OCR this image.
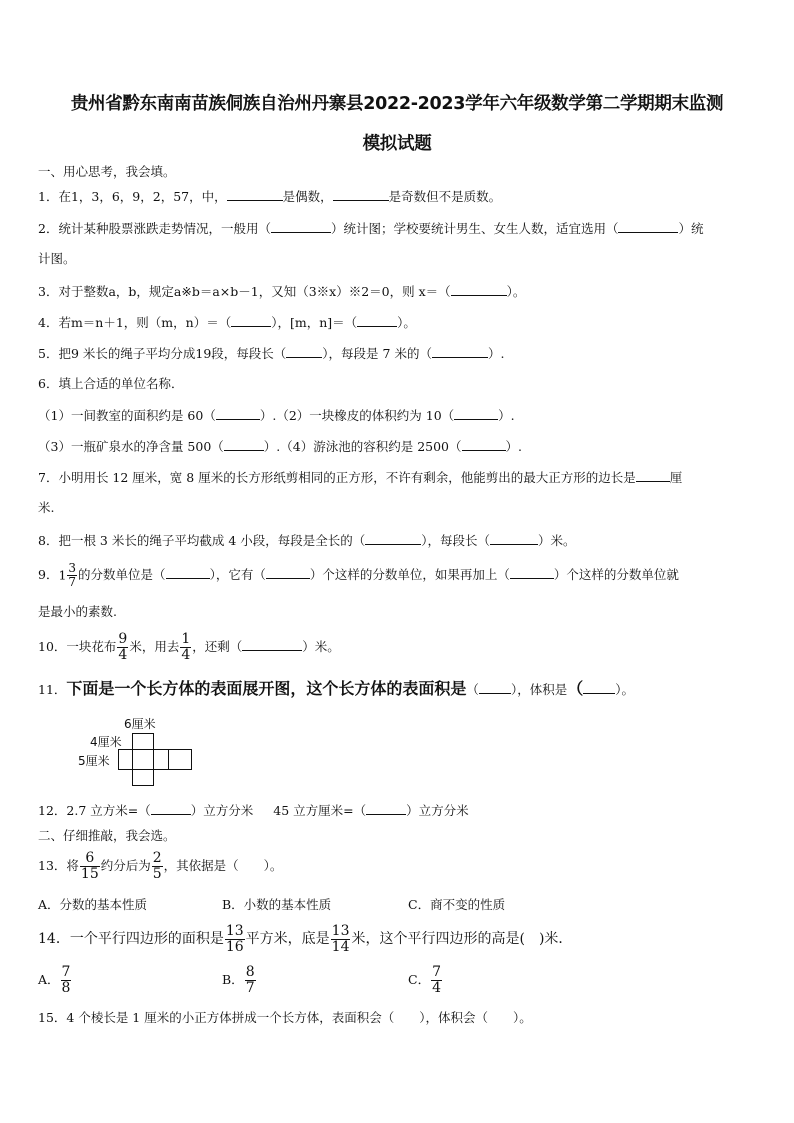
贵州省黔东南南苗族侗族自治州丹寨县2022-2023学年六年级数学第二学期期末监测
模拟试题
一、用心思考，我会填。
1．在1，3，6，9，2，57，中，	是偶数，	是奇数但不是质数。
2．统计某种股票涨跌走势情况，一般用（	）统计图；学校要统计男生、女生人数，适宜选用（	）统
计图。
3．对于整数a，b，规定a※b＝a×b－1，又知（3※x）※2＝0，则 x＝（	）。
4．若m＝n＋1，则（m，n）＝（	），[m，n]＝（	）。
5．把9 米长的绳子平均分成19段，每段长（	），每段是 7 米的（	）.
6．填上合适的单位名称．
（1）一间教室的面积约是 60（	）.（2）一块橡皮的体积约为 10（	）.
（3）一瓶矿泉水的净含量 500（	）.（4）游泳池的容积约是 2500（	）.
7．小明用长 12 厘米，宽 8 厘米的长方形纸剪相同的正方形，不许有剩余，他能剪出的最大正方形的边长是	厘
米.
8．把一根 3 米长的绳子平均截成 4 小段，每段是全长的（	），每段长（	）米。
9．$1 \frac{3}{7}$ 的分数单位是（	），它有（	）个这样的分数单位，如果再加上（	）个这样的分数单位就
是最小的素数.
10．一块花布 $\frac{9}{4}$ 米，用去 $\frac{1}{4}$ ，还剩（	）米。
11．下面是一个长方体的表面展开图，这个长方体的表面积是（	），体积是（	）。
6厘米
4厘米
5厘米
12．2.7 立方米=（	）立方分米 45 立方厘米=（	）立方分米
二、仔细推敲，我会选。
13．将 $\frac{6}{15}$ 约分后为 $\frac{2}{5}$ ，其依据是（　　）。
A．分数的基本性质	B．小数的基本性质	C．商不变的性质
14．一个平行四边形的面积是 $\frac{13}{16}$ 平方米，底是 $\frac{13}{14}$ 米，这个平行四边形的高是(　)米．
A． $\frac{7}{8}$	B． $\frac{8}{7}$	C． $\frac{7}{4}$
15．4 个棱长是 1 厘米的小正方体拼成一个长方体，表面积会（　　），体积会（　　）。
